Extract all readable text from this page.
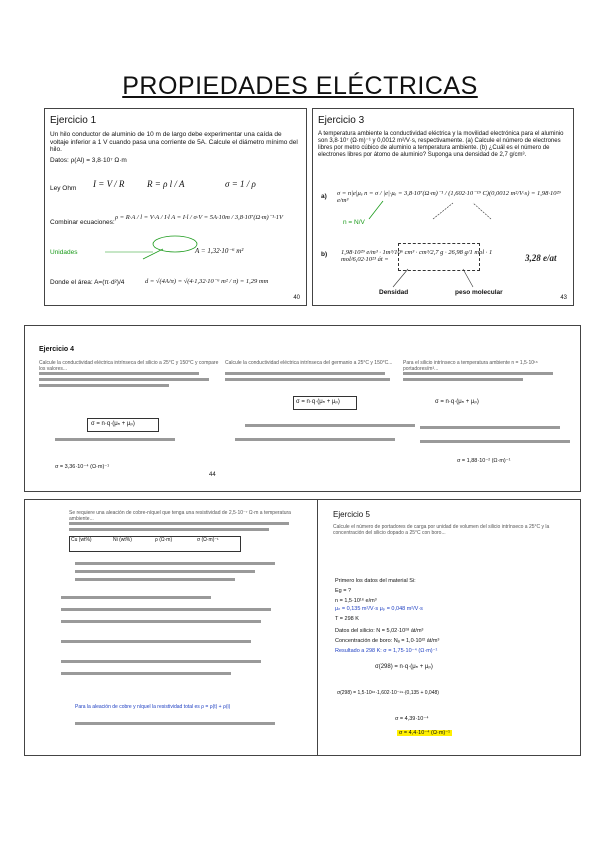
PROPIEDADES ELÉCTRICAS
Ejercicio 1
Un hilo conductor de aluminio de 10 m de largo debe experimentar una caída de voltaje inferior a 1 V cuando pasa una corriente de 5A. Calcule el diámetro mínimo del hilo.
Datos: ρ(Al) = 3,8·10⁷ Ω·m
Ley Ohm I = V / R	R = ρ l / A	σ = 1 / ρ
Combinar ecuaciones:
ρ = R·A / l = V·A / I·l A = I·l / σ·V = 5A·10m / 3,8·10⁷(Ω·m)⁻¹·1V
Unidades	A = 1,32·10⁻⁶ m²
Donde el área: A=(π·d²)/4	d = √(4A/π) = √(4·1,32·10⁻⁶ m² / π) = 1,29 mm
40
Ejercicio 3
A temperatura ambiente la conductividad eléctrica y la movilidad electrónica para el aluminio son 3,8·10⁷ (Ω·m)⁻¹ y 0,0012 m²/V·s, respectivamente. (a) Calcule el número de electrones libres por metro cúbico de aluminio a temperatura ambiente. (b) ¿Cuál es el número de electrones libres por átomo de aluminio? Suponga una densidad de 2,7 g/cm³.
a) σ = n|e|μₑ n = σ / |e|·μₑ = 3,8·10⁷(Ω·m)⁻¹ / (1,602·10⁻¹⁹ C)(0,0012 m²/V·s) = 1,98·10²⁹ e/m³
n = N/V
b) 1,98·10²⁹ e/m³ · 1m³/10⁶ cm³ · cm³/2,7 g · 26,98 g/1 mol · 1 mol/6,02·10²³ át =	3,28 e/at
Densidad	peso molecular
43
Ejercicio 4
Calcule la conductividad eléctrica intrínseca del silicio a 25°C y 150°C y compare los valores...
Calcule la conductividad eléctrica intrínseca del germanio a 25°C y 150°C...	Para el silicio intrínseco a temperatura ambiente n = 1,5·10¹⁶ portadores/m³...
σ = n·q·(μₙ + μₚ)
σ = n·q·(μₙ + μₚ)	σ = n·q·(μₙ + μₚ)
σ = 3,36·10⁻⁴ (Ω·m)⁻¹
σ = 1,88·10⁻² (Ω·m)⁻¹
44
Se requiere una aleación de cobre-níquel que tenga una resistividad de 2,5·10⁻⁷ Ω·m a temperatura ambiente...
Cu (wt%)	Ni (wt%)	ρ (Ω·m)	σ (Ω·m)⁻¹
Para la aleación de cobre y níquel la resistividad total es ρ = ρ(t) + ρ(i)
Ejercicio 5
Calcule el número de portadores de carga por unidad de volumen del silicio intrínseco a 25°C y la concentración del silicio dopado a 25°C con boro...
Primero los datos del material Si:
Eg = ?
n = 1,5·10¹⁶ e/m³
μₙ = 0,135 m²/V·s μₚ = 0,048 m²/V·s
T = 298 K
Datos del silicio: N = 5,02·10²⁸ át/m³
Concentración de boro: Nₐ = 1,0·10²² át/m³
Resultado a 298 K: σ = 1,75·10⁻⁴ (Ω·m)⁻¹
σ(298) = n·q·(μₙ + μₚ)
σ(298) = 1,5·10¹⁶·1,602·10⁻¹⁹·(0,135 + 0,048)
σ = 4,39·10⁻⁴
σ = 4,4·10⁻⁴ (Ω·m)⁻¹
